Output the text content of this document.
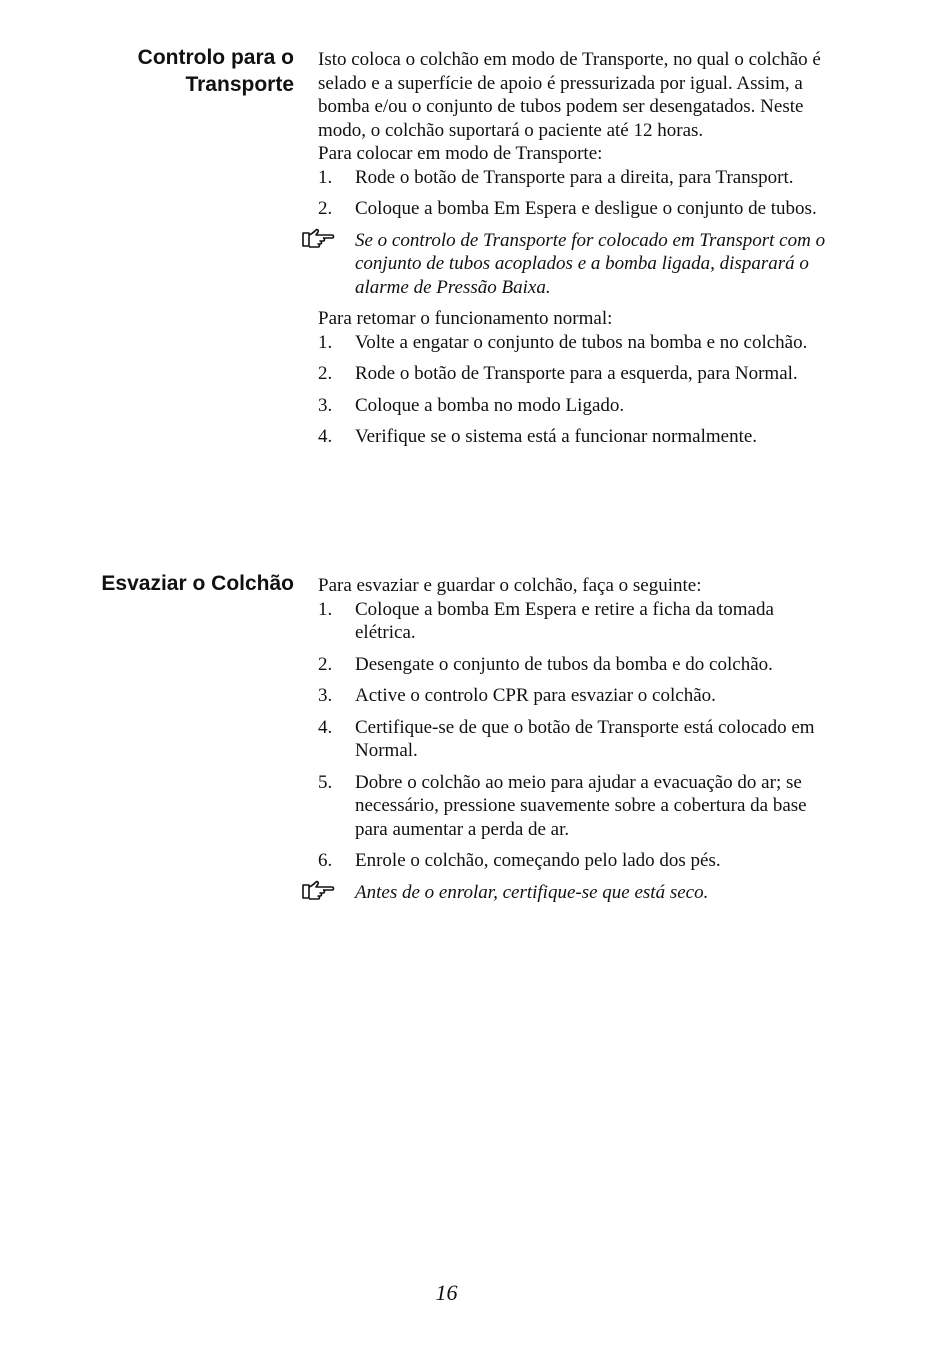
Controlo para o Transporte

Isto coloca o colchão em modo de Transporte, no qual o colchão é selado e a superfície de apoio é pressurizada por igual. Assim, a bomba e/ou o conjunto de tubos podem ser desengatados. Neste modo, o colchão suportará o paciente até 12 horas.

Para colocar em modo de Transporte:

1. Rode o botão de Transporte para a direita, para Transport.
2. Coloque a bomba Em Espera e desligue o conjunto de tubos.
Se o controlo de Transporte for colocado em Transport com o conjunto de tubos acoplados e a bomba ligada, disparará o alarme de Pressão Baixa.

Para retomar o funcionamento normal:

1. Volte a engatar o conjunto de tubos na bomba e no colchão.
2. Rode o botão de Transporte para a esquerda, para Normal.
3. Coloque a bomba no modo Ligado.
4. Verifique se o sistema está a funcionar normalmente.
Esvaziar o Colchão Para esvaziar e guardar o colchão, faça o seguinte:

1. Coloque a bomba Em Espera e retire a ficha da tomada elétrica.
2. Desengate o conjunto de tubos da bomba e do colchão.
3. Active o controlo CPR para esvaziar o colchão.
4. Certifique-se de que o botão de Transporte está colocado em Normal.
5. Dobre o colchão ao meio para ajudar a evacuação do ar; se necessário, pressione suavemente sobre a cobertura da base para aumentar a perda de ar.
6. Enrole o colchão, começando pelo lado dos pés.
Antes de o enrolar, certifique-se que está seco.
16
